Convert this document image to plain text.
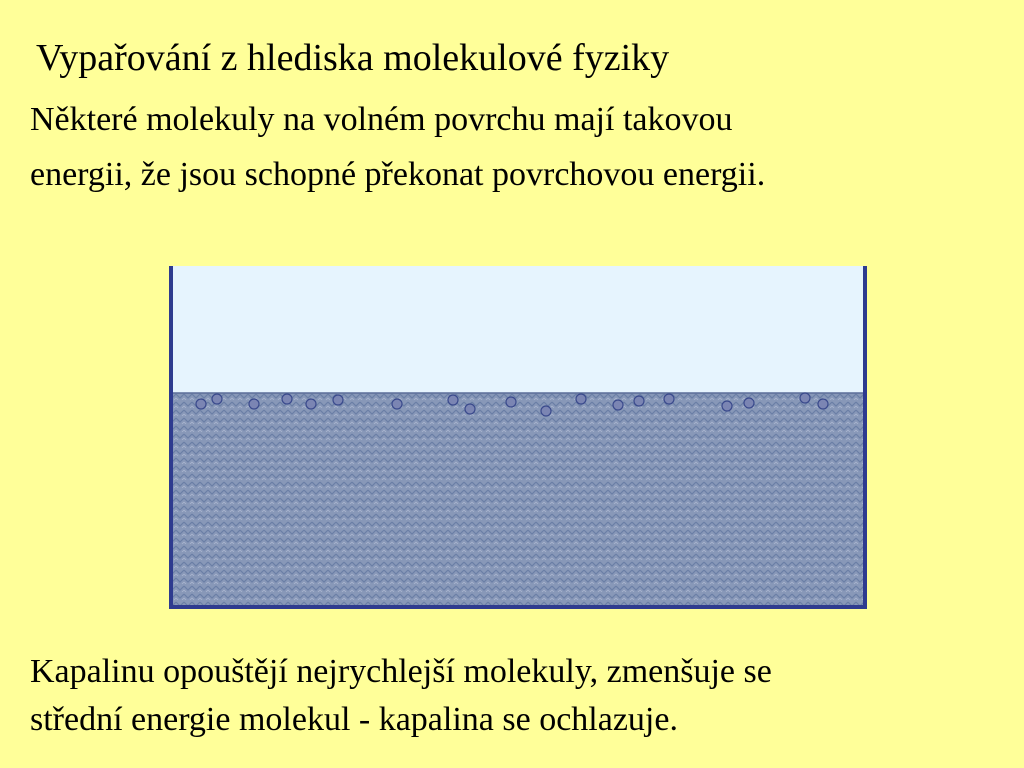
Vypařování z hlediska molekulové fyziky
Některé molekuly na volném povrchu mají takovou
energii, že jsou schopné překonat povrchovou energii.
Kapalinu opouštějí nejrychlejší molekuly, zmenšuje se
střední energie molekul - kapalina se ochlazuje.
